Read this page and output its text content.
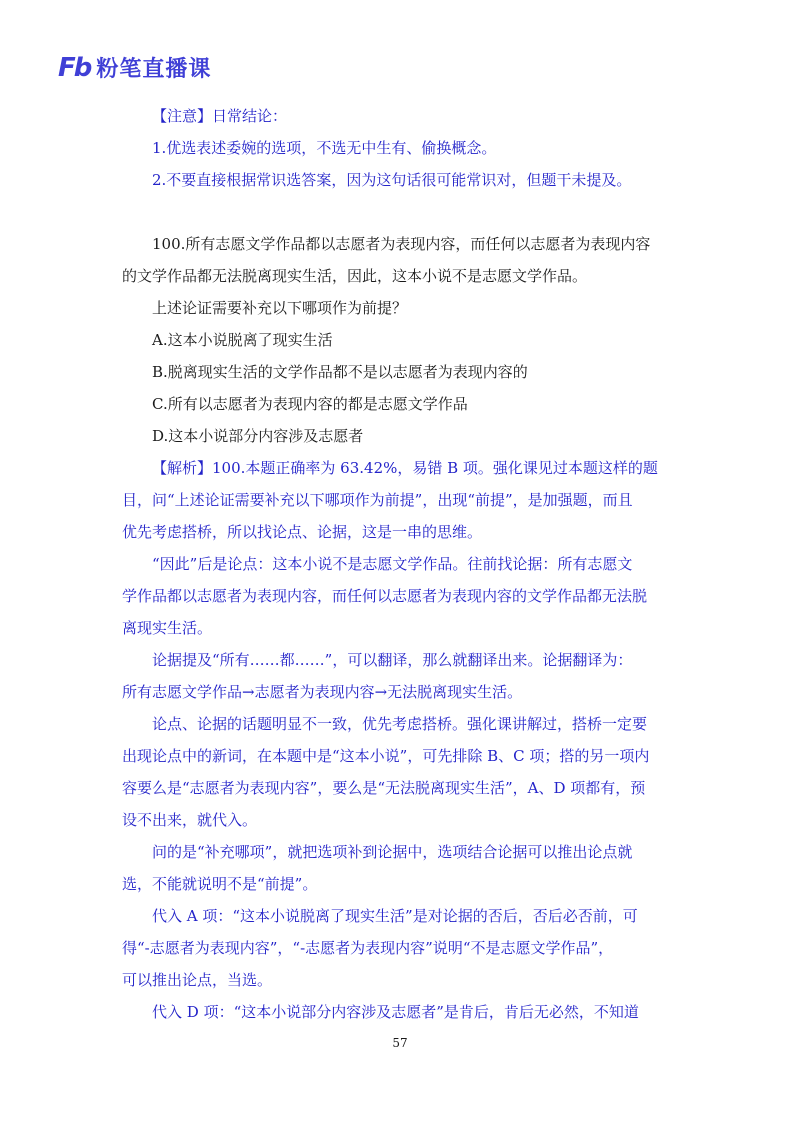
Fb 粉笔直播课

【注意】日常结论：

1.优选表述委婉的选项，不选无中生有、偷换概念。

2.不要直接根据常识选答案，因为这句话很可能常识对，但题干未提及。

100.所有志愿文学作品都以志愿者为表现内容，而任何以志愿者为表现内容

的文学作品都无法脱离现实生活，因此，这本小说不是志愿文学作品。

上述论证需要补充以下哪项作为前提？

A.这本小说脱离了现实生活

B.脱离现实生活的文学作品都不是以志愿者为表现内容的

C.所有以志愿者为表现内容的都是志愿文学作品

D.这本小说部分内容涉及志愿者

【解析】100.本题正确率为 63.42%，易错 B 项。强化课见过本题这样的题

目，问“上述论证需要补充以下哪项作为前提”，出现“前提”，是加强题，而且

优先考虑搭桥，所以找论点、论据，这是一串的思维。

“因此”后是论点：这本小说不是志愿文学作品。往前找论据：所有志愿文

学作品都以志愿者为表现内容，而任何以志愿者为表现内容的文学作品都无法脱

离现实生活。

论据提及“所有……都……”，可以翻译，那么就翻译出来。论据翻译为：

所有志愿文学作品→志愿者为表现内容→无法脱离现实生活。

论点、论据的话题明显不一致，优先考虑搭桥。强化课讲解过，搭桥一定要

出现论点中的新词，在本题中是“这本小说”，可先排除 B、C 项；搭的另一项内

容要么是“志愿者为表现内容”，要么是“无法脱离现实生活”，A、D 项都有，预

设不出来，就代入。

问的是“补充哪项”，就把选项补到论据中，选项结合论据可以推出论点就

选，不能就说明不是“前提”。

代入 A 项：“这本小说脱离了现实生活”是对论据的否后，否后必否前，可

得“-志愿者为表现内容”，“-志愿者为表现内容”说明“不是志愿文学作品”，

可以推出论点，当选。

代入 D 项：“这本小说部分内容涉及志愿者”是肯后，肯后无必然，不知道

57
